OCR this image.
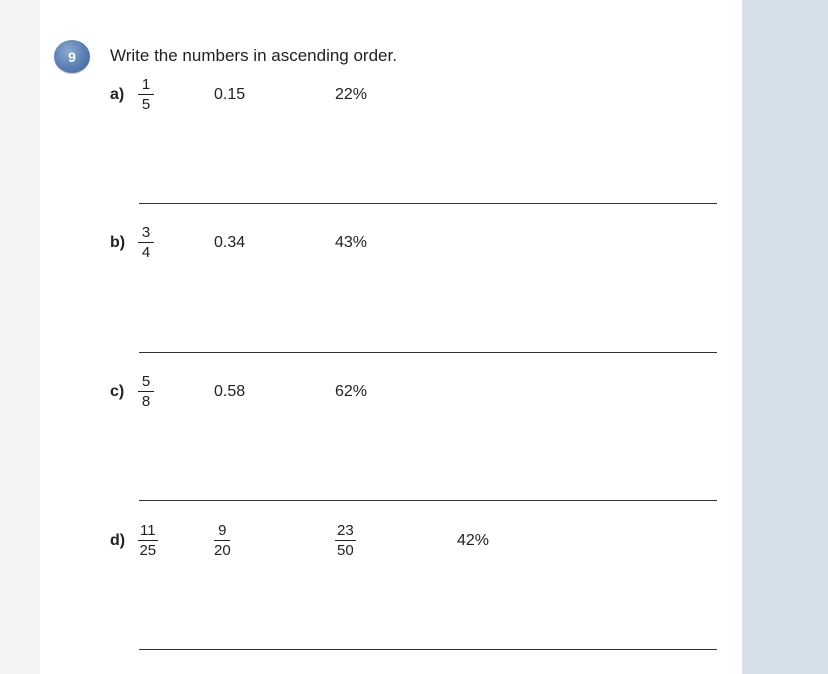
9	Write the numbers in ascending order.
$a) \frac{1}{5}$	0.15	22%
$b) \frac{3}{4}$	0.34	43%
$c) \frac{5}{8}$	0.58	62%
$d) \frac{11}{25}$	$\frac{9}{20}$	$\frac{23}{50}$	42%
